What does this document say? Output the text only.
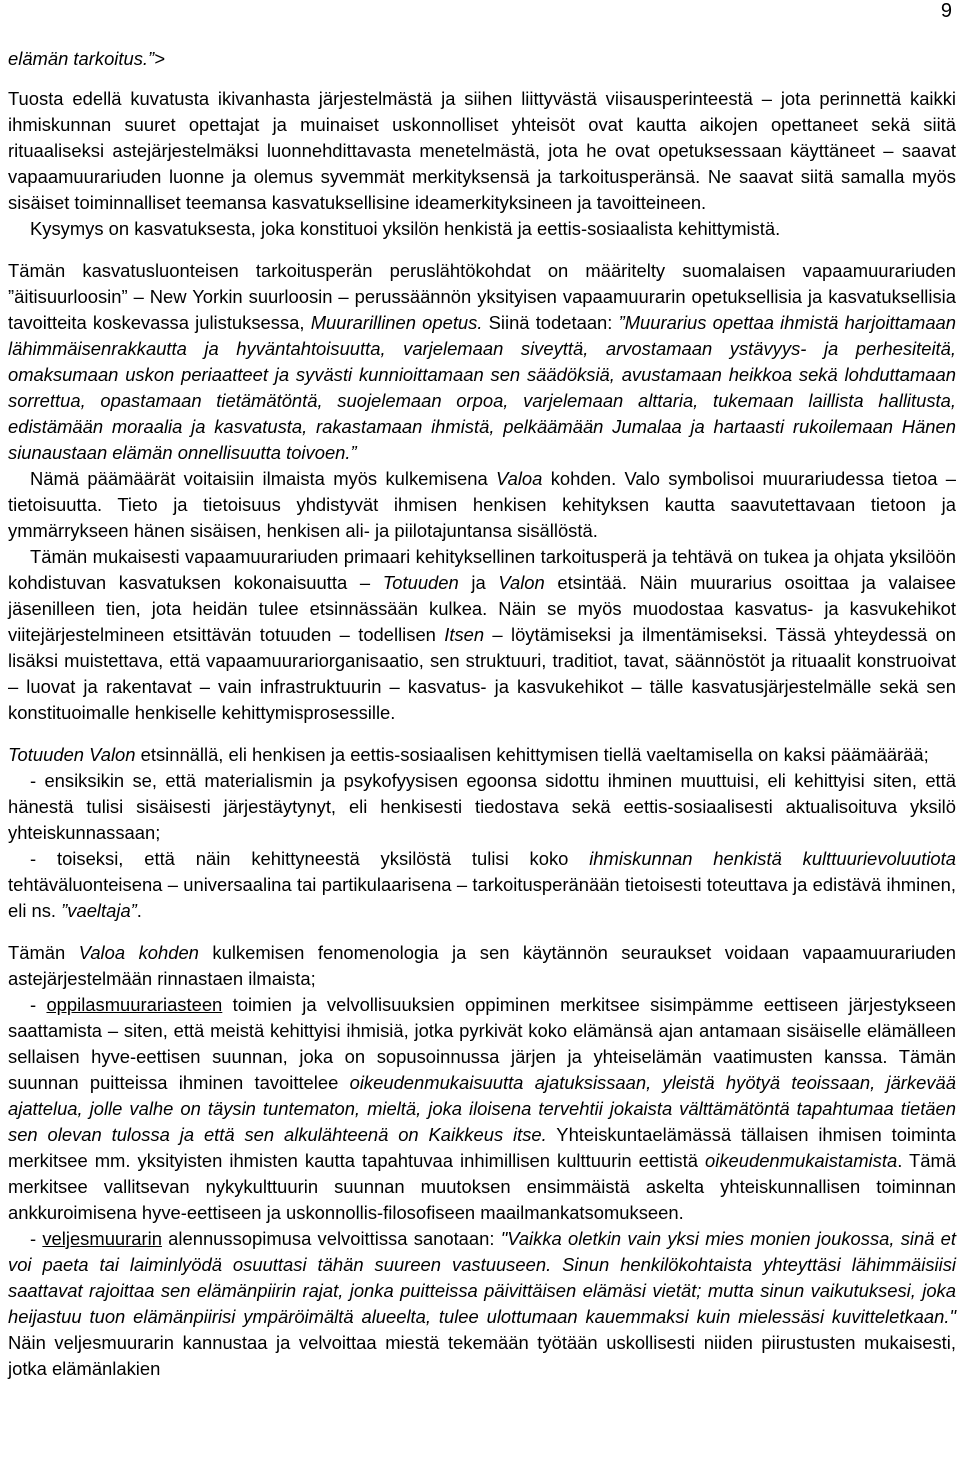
9
elämän tarkoitus.”>

Tuosta edellä kuvatusta ikivanhasta järjestelmästä ja siihen liittyvästä viisausperinteestä – jota perinnettä kaikki ihmiskunnan suuret opettajat ja muinaiset uskonnolliset yhteisöt ovat kautta aikojen opettaneet sekä siitä rituaaliseksi astejärjestelmäksi luonnehdittavasta menetelmästä, jota he ovat opetuksessaan käyttäneet – saavat vapaamuurariuden luonne ja olemus syvemmät merkityksensä ja tarkoitusperänsä. Ne saavat siitä samalla myös sisäiset toiminnalliset teemansa kasvatuksellisine ideamerkityksineen ja tavoitteineen.

Kysymys on kasvatuksesta, joka konstituoi yksilön henkistä ja eettis-sosiaalista kehittymistä.

Tämän kasvatusluonteisen tarkoitusperän peruslähtökohdat on määritelty suomalaisen vapaamuurariuden ”äitisuurloosin” – New Yorkin suurloosin – perussäännön yksityisen vapaamuurarin opetuksellisia ja kasvatuksellisia tavoitteita koskevassa julistuksessa, Muurarillinen opetus. Siinä todetaan: ”Muurarius opettaa ihmistä harjoittamaan lähimmäisenrakkautta ja hyväntahtoisuutta, varjelemaan siveyttä, arvostamaan ystävyys- ja perhesiteitä, omaksumaan uskon periaatteet ja syvästi kunnioittamaan sen säädöksiä, avustamaan heikkoa sekä lohduttamaan sorrettua, opastamaan tietämätöntä, suojelemaan orpoa, varjelemaan alttaria, tukemaan laillista hallitusta, edistämään moraalia ja kasvatusta, rakastamaan ihmistä, pelkäämään Jumalaa ja hartaasti rukoilemaan Hänen siunaustaan elämän onnellisuutta toivoen.”

Nämä päämäärät voitaisiin ilmaista myös kulkemisena Valoa kohden. Valo symbolisoi muurariudessa tietoa – tietoisuutta. Tieto ja tietoisuus yhdistyvät ihmisen henkisen kehityksen kautta saavutettavaan tietoon ja ymmärrykseen hänen sisäisen, henkisen ali- ja piilotajuntansa sisällöstä.

Tämän mukaisesti vapaamuurariuden primaari kehityksellinen tarkoitusperä ja tehtävä on tukea ja ohjata yksilöön kohdistuvan kasvatuksen kokonaisuutta – Totuuden ja Valon etsintää. Näin muurarius osoittaa ja valaisee jäsenilleen tien, jota heidän tulee etsinnässään kulkea. Näin se myös muodostaa kasvatus- ja kasvukehikot viitejärjestelmineen etsittävän totuuden – todellisen Itsen – löytämiseksi ja ilmentämiseksi. Tässä yhteydessä on lisäksi muistettava, että vapaamuurariorganisaatio, sen struktuuri, traditiot, tavat, säännöstöt ja rituaalit konstruoivat – luovat ja rakentavat – vain infrastruktuurin – kasvatus- ja kasvukehikot – tälle kasvatusjärjestelmälle sekä sen konstituoimalle henkiselle kehittymisprosessille.

Totuuden Valon etsinnällä, eli henkisen ja eettis-sosiaalisen kehittymisen tiellä vaeltamisella on kaksi päämäärää;

- ensiksikin se, että materialismin ja psykofyysisen egoonsa sidottu ihminen muuttuisi, eli kehittyisi siten, että hänestä tulisi sisäisesti järjestäytynyt, eli henkisesti tiedostava sekä eettis-sosiaalisesti aktualisoituva yksilö yhteiskunnassaan;

- toiseksi, että näin kehittyneestä yksilöstä tulisi koko ihmiskunnan henkistä kulttuurievoluutiota tehtäväluonteisena – universaalina tai partikulaarisena – tarkoitusperänään tietoisesti toteuttava ja edistävä ihminen, eli ns. ”vaeltaja”.

Tämän Valoa kohden kulkemisen fenomenologia ja sen käytännön seuraukset voidaan vapaamuurariuden astejärjestelmään rinnastaen ilmaista;

- oppilasmuurariasteen toimien ja velvollisuuksien oppiminen merkitsee sisimpämme eettiseen järjestykseen saattamista – siten, että meistä kehittyisi ihmisiä, jotka pyrkivät koko elämänsä ajan antamaan sisäiselle elämälleen sellaisen hyve-eettisen suunnan, joka on sopusoinnussa järjen ja yhteiselämän vaatimusten kanssa. Tämän suunnan puitteissa ihminen tavoittelee oikeudenmukaisuutta ajatuksissaan, yleistä hyötyä teoissaan, järkevää ajattelua, jolle valhe on täysin tuntematon, mieltä, joka iloisena tervehtii jokaista välttämätöntä tapahtumaa tietäen sen olevan tulossa ja että sen alkulähteenä on Kaikkeus itse. Yhteiskuntaelämässä tällaisen ihmisen toiminta merkitsee mm. yksityisten ihmisten kautta tapahtuvaa inhimillisen kulttuurin eettistä oikeudenmukaistamista. Tämä merkitsee vallitsevan nykykulttuurin suunnan muutoksen ensimmäistä askelta yhteiskunnallisen toiminnan ankkuroimisena hyve-eettiseen ja uskonnollis-filosofiseen maailmankatsomukseen.

- veljesmuurarin alennussopimusa velvoittissa sanotaan: "Vaikka oletkin vain yksi mies monien joukossa, sinä et voi paeta tai laiminlyödä osuuttasi tähän suureen vastuuseen. Sinun henkilökohtaista yhteyttäsi lähimmäisiisi saattavat rajoittaa sen elämänpiirin rajat, jonka puitteissa päivittäisen elämäsi vietät; mutta sinun vaikutuksesi, joka heijastuu tuon elämänpiirisi ympäröimältä alueelta, tulee ulottumaan kauemmaksi kuin mielessäsi kuvitteletkaan." Näin veljesmuurarin kannustaa ja velvoittaa miestä tekemään työtään uskollisesti niiden piirustusten mukaisesti, jotka elämänlakien
